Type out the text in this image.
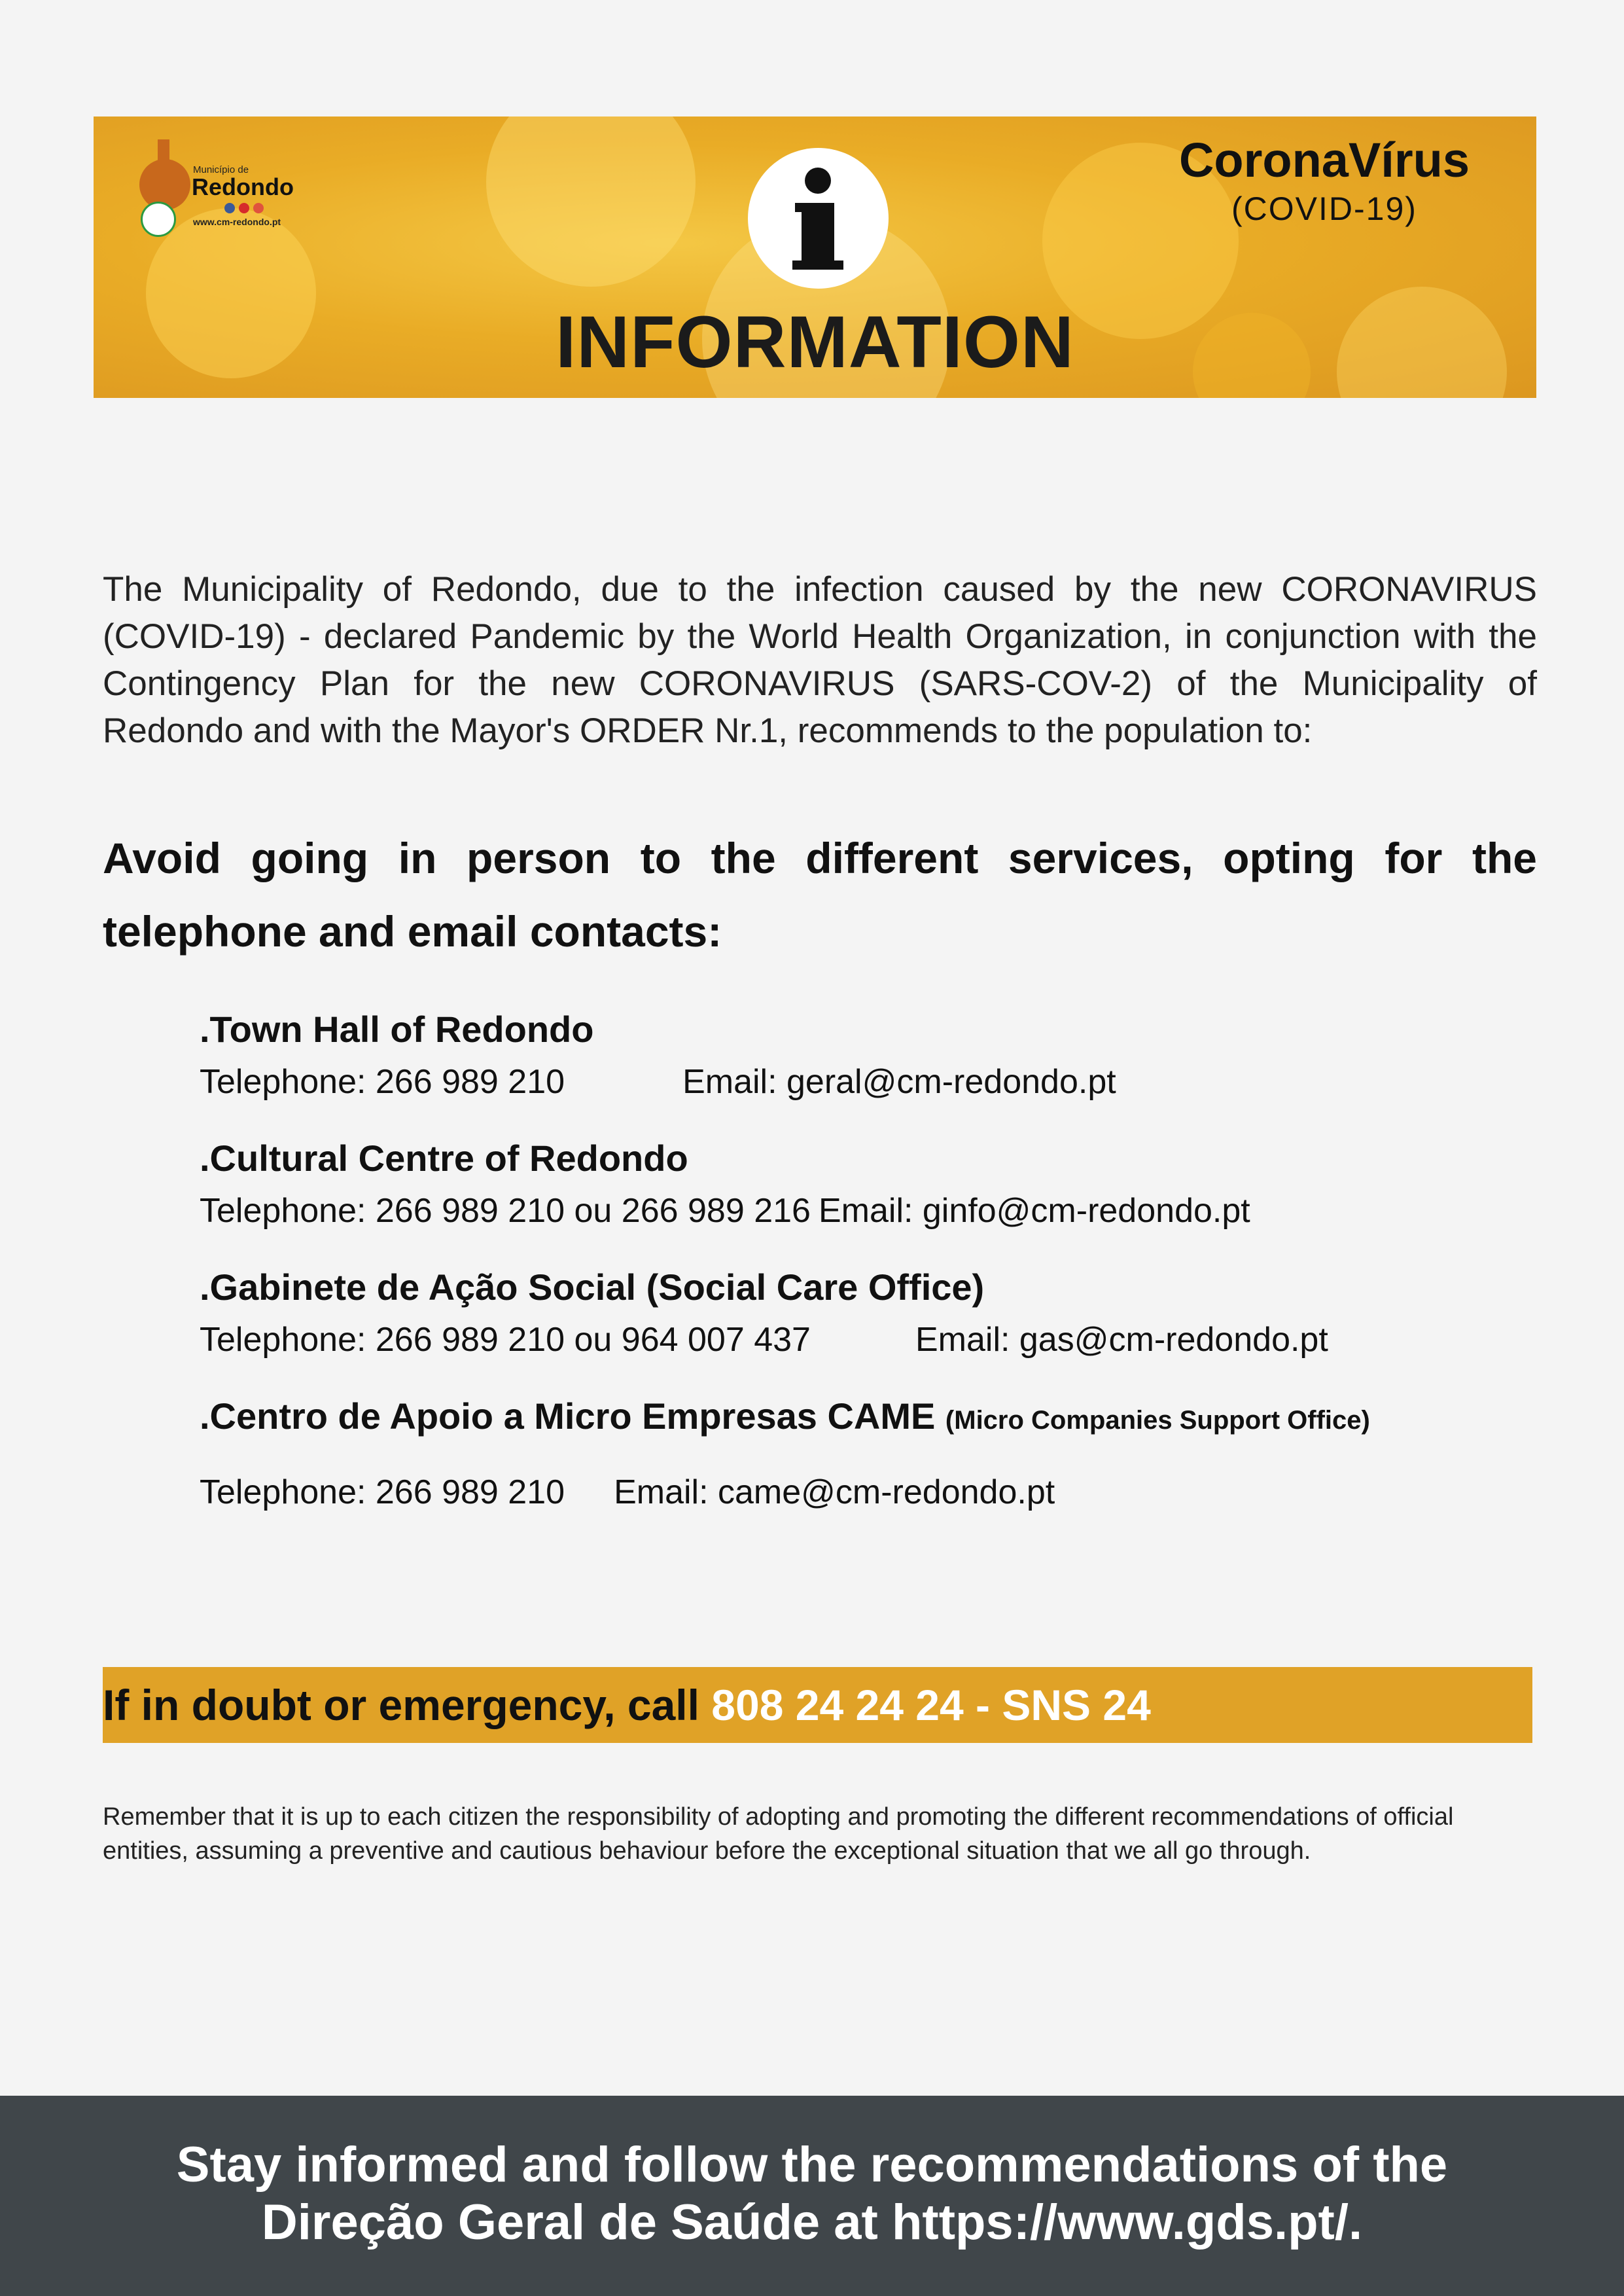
Município de
Redondo
www.cm-redondo.pt
INFORMATION
CoronaVírus
(COVID-19)
The Municipality of Redondo, due to the infection caused by the new CORONAVIRUS (COVID-19) - declared Pandemic by the World Health Organization, in conjunction with the Contingency Plan for the new CORONAVIRUS (SARS-COV-2) of the Municipality of Redondo and with the Mayor's ORDER Nr.1, recommends to the population to:
Avoid going in person to the different services, opting for the telephone and email contacts:
.Town Hall of Redondo
Telephone: 266 989 210	Email: geral@cm-redondo.pt
.Cultural Centre of Redondo
Telephone: 266 989 210 ou 266 989 216 Email: ginfo@cm-redondo.pt
.Gabinete de Ação Social (Social Care Office)
Telephone: 266 989 210 ou 964 007 437	Email: gas@cm-redondo.pt
.Centro de Apoio a Micro Empresas CAME (Micro Companies Support Office)
Telephone: 266 989 210 Email: came@cm-redondo.pt
If in doubt or emergency, call 808 24 24 24 - SNS 24
Remember that it is up to each citizen the responsibility of adopting and promoting the different recommendations of official entities, assuming a preventive and cautious behaviour before the exceptional situation that we all go through.
Stay informed and follow the recommendations of the
Direção Geral de Saúde at https://www.gds.pt/.
